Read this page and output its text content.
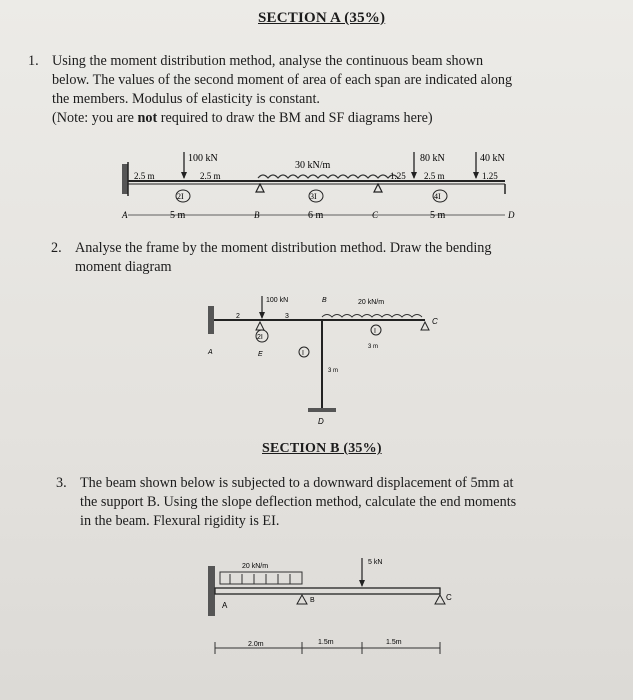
SECTION A (35%)
1. Using the moment distribution method, analyse the continuous beam shown

below. The values of the second moment of area of each span are indicated along

the members. Modulus of elasticity is constant.

(Note: you are not required to draw the BM and SF diagrams here)

100 kN
30 kN/m
80 kN	40 kN
2.5 m	2.5 m	1.25 2.5 m	1.25
2I	3I	4I
A	5 m	B	6 m	C	5 m	D
2. Analyse the frame by the moment distribution method. Draw the bending

moment diagram

100 kN	B	20 kN/m
C
2	3
2I
E
A
I
3 m
I
3 m
D
SECTION B (35%)
3. The beam shown below is subjected to a downward displacement of 5mm at

the support B. Using the slope deflection method, calculate the end moments

in the beam. Flexural rigidity is EI.

20 kN/m
5 kN
B	C
A
2.0m	1.5m	1.5m
